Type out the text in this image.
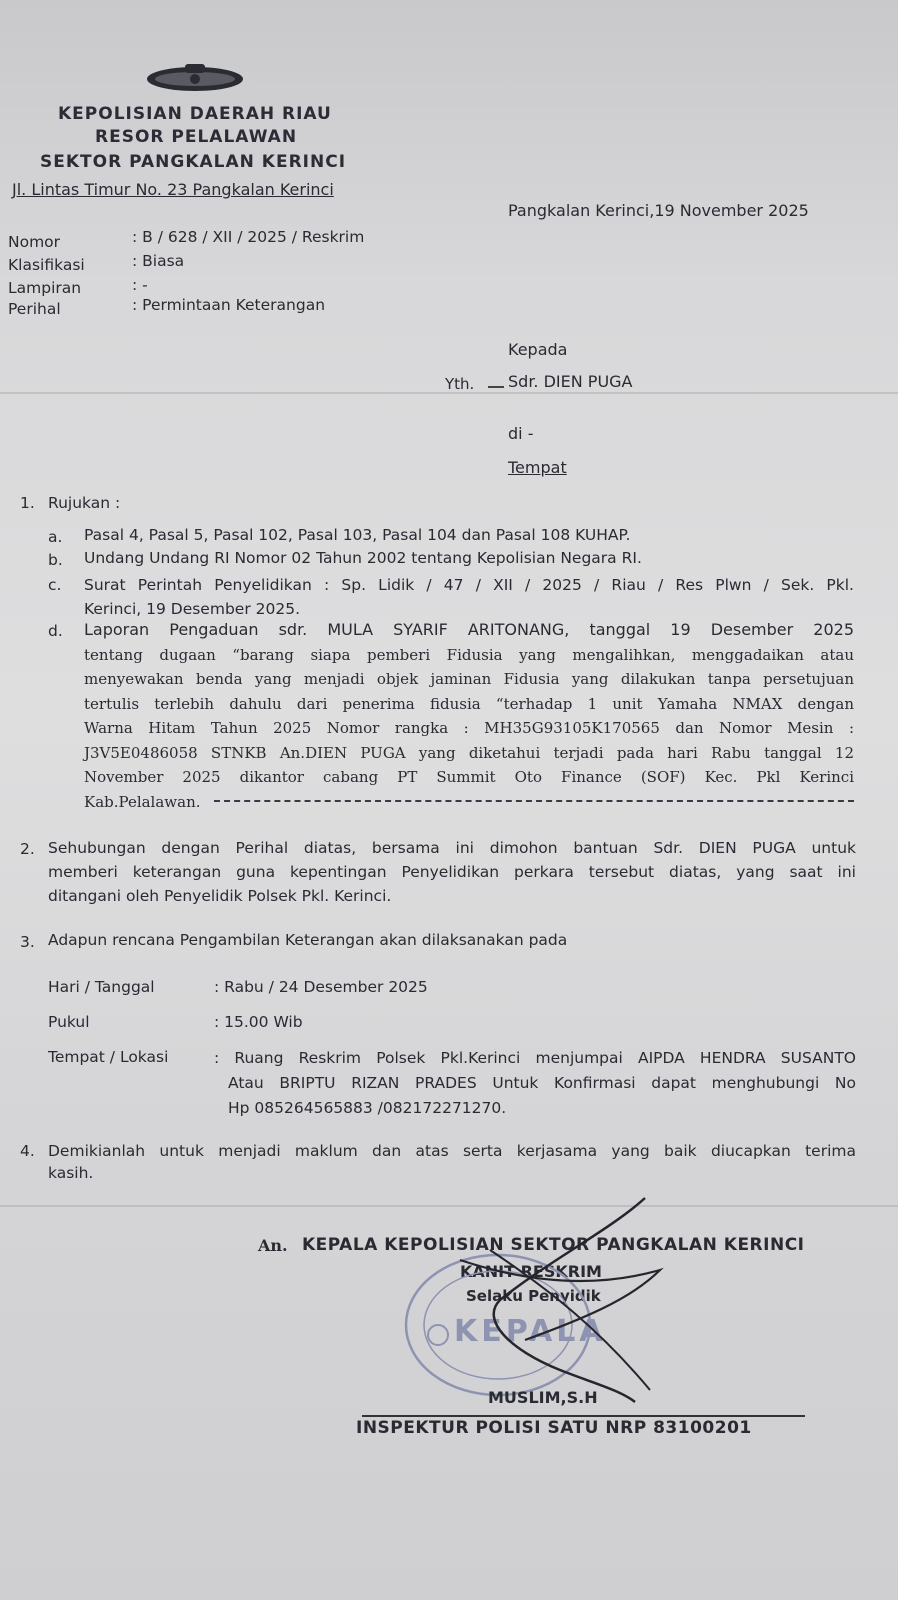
KEPOLISIAN DAERAH RIAU
RESOR PELALAWAN
SEKTOR PANGKALAN KERINCI
Jl. Lintas Timur No. 23 Pangkalan Kerinci
Pangkalan Kerinci,19 November 2025
Nomor	: B / 628 / XII / 2025 / Reskrim
Klasifikasi	: Biasa
Lampiran	: -
Perihal	: Permintaan Keterangan
Kepada
Yth. Sdr. DIEN PUGA
di -
Tempat
1. Rujukan :
a. Pasal 4, Pasal 5, Pasal 102, Pasal 103, Pasal 104 dan Pasal 108 KUHAP.
b. Undang Undang RI Nomor 02 Tahun 2002 tentang Kepolisian Negara RI.
c. Surat Perintah Penyelidikan : Sp. Lidik / 47 / XII / 2025 / Riau / Res Plwn / Sek. Pkl.
Kerinci, 19 Desember 2025.
d. Laporan Pengaduan sdr. MULA SYARIF ARITONANG, tanggal 19 Desember 2025
tentang dugaan “barang siapa pemberi Fidusia yang mengalihkan, menggadaikan atau
menyewakan benda yang menjadi objek jaminan Fidusia yang dilakukan tanpa persetujuan
tertulis terlebih dahulu dari penerima fidusia “terhadap 1 unit Yamaha NMAX dengan
Warna Hitam Tahun 2025 Nomor rangka : MH35G93105K170565 dan Nomor Mesin :
J3V5E0486058 STNKB An.DIEN PUGA yang diketahui terjadi pada hari Rabu tanggal 12
November 2025 dikantor cabang PT Summit Oto Finance (SOF) Kec. Pkl Kerinci
Kab.Pelalawan.
2. Sehubungan dengan Perihal diatas, bersama ini dimohon bantuan Sdr. DIEN PUGA untuk
memberi keterangan guna kepentingan Penyelidikan perkara tersebut diatas, yang saat ini
ditangani oleh Penyelidik Polsek Pkl. Kerinci.
3. Adapun rencana Pengambilan Keterangan akan dilaksanakan pada
Hari / Tanggal	: Rabu / 24 Desember 2025
Pukul	: 15.00 Wib
Tempat / Lokasi	: Ruang Reskrim Polsek Pkl.Kerinci menjumpai AIPDA HENDRA SUSANTO
Atau BRIPTU RIZAN PRADES Untuk Konfirmasi dapat menghubungi No
Hp 085264565883 /082172271270.
4. Demikianlah untuk menjadi maklum dan atas serta kerjasama yang baik diucapkan terima
kasih.
An. KEPALA KEPOLISIAN SEKTOR PANGKALAN KERINCI
KANIT RESKRIM
Selaku Penyidik
KEPALA
MUSLIM,S.H
INSPEKTUR POLISI SATU NRP 83100201
